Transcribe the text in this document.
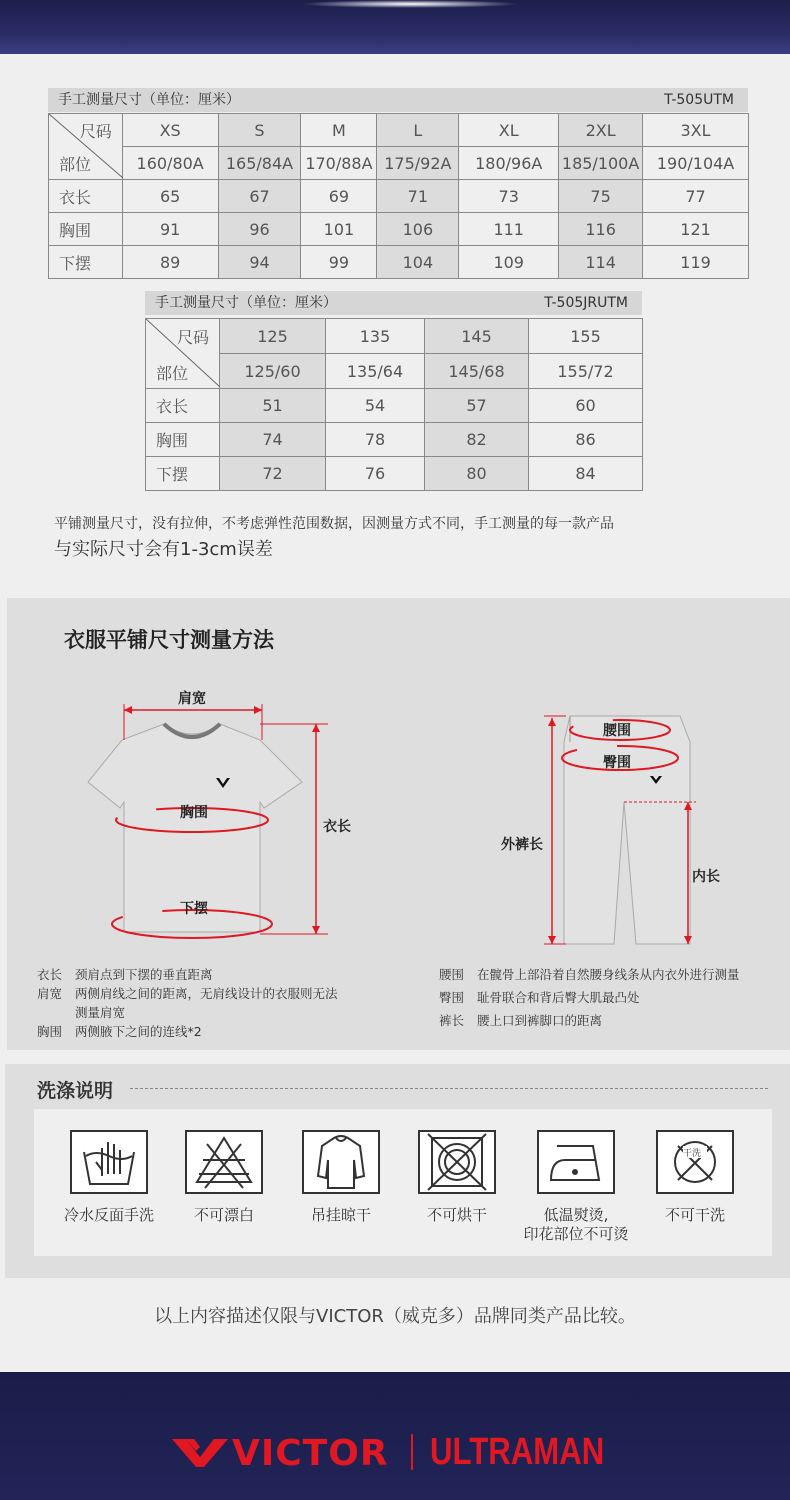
手工测量尺寸（单位：厘米）	T-505UTM
尺码
部位	XS	S	M	L	XL	2XL	3XL
	160/80A	165/84A	170/88A	175/92A	180/96A	185/100A	190/104A
衣长	65	67	69	71	73	75	77
胸围	91	96	101	106	111	116	121
下摆	89	94	99	104	109	114	119
手工测量尺寸（单位：厘米）	T-505JRUTM
尺码
部位	125	135	145	155
	125/60	135/64	145/68	155/72
衣长	51	54	57	60
胸围	74	78	82	86
下摆	72	76	80	84
平铺测量尺寸，没有拉伸，不考虑弹性范围数据，因测量方式不同，手工测量的每一款产品
与实际尺寸会有1-3cm误差
衣服平铺尺寸测量方法
肩宽
胸围
衣长
下摆
腰围
臀围
外裤长
内长
衣长 颈肩点到下摆的垂直距离
肩宽 两侧肩线之间的距离，无肩线设计的衣服则无法
测量肩宽
胸围 两侧腋下之间的连线*2
腰围 在髋骨上部沿着自然腰身线条从内衣外进行测量
臀围 耻骨联合和背后臀大肌最凸处
裤长 腰上口到裤脚口的距离
洗涤说明
干洗
冷水反面手洗	不可漂白	吊挂晾干	不可烘干	低温熨烫,
印花部位不可烫
不可干洗
以上内容描述仅限与VICTOR（威克多）品牌同类产品比较。
VICTOR ULTRAMAN
